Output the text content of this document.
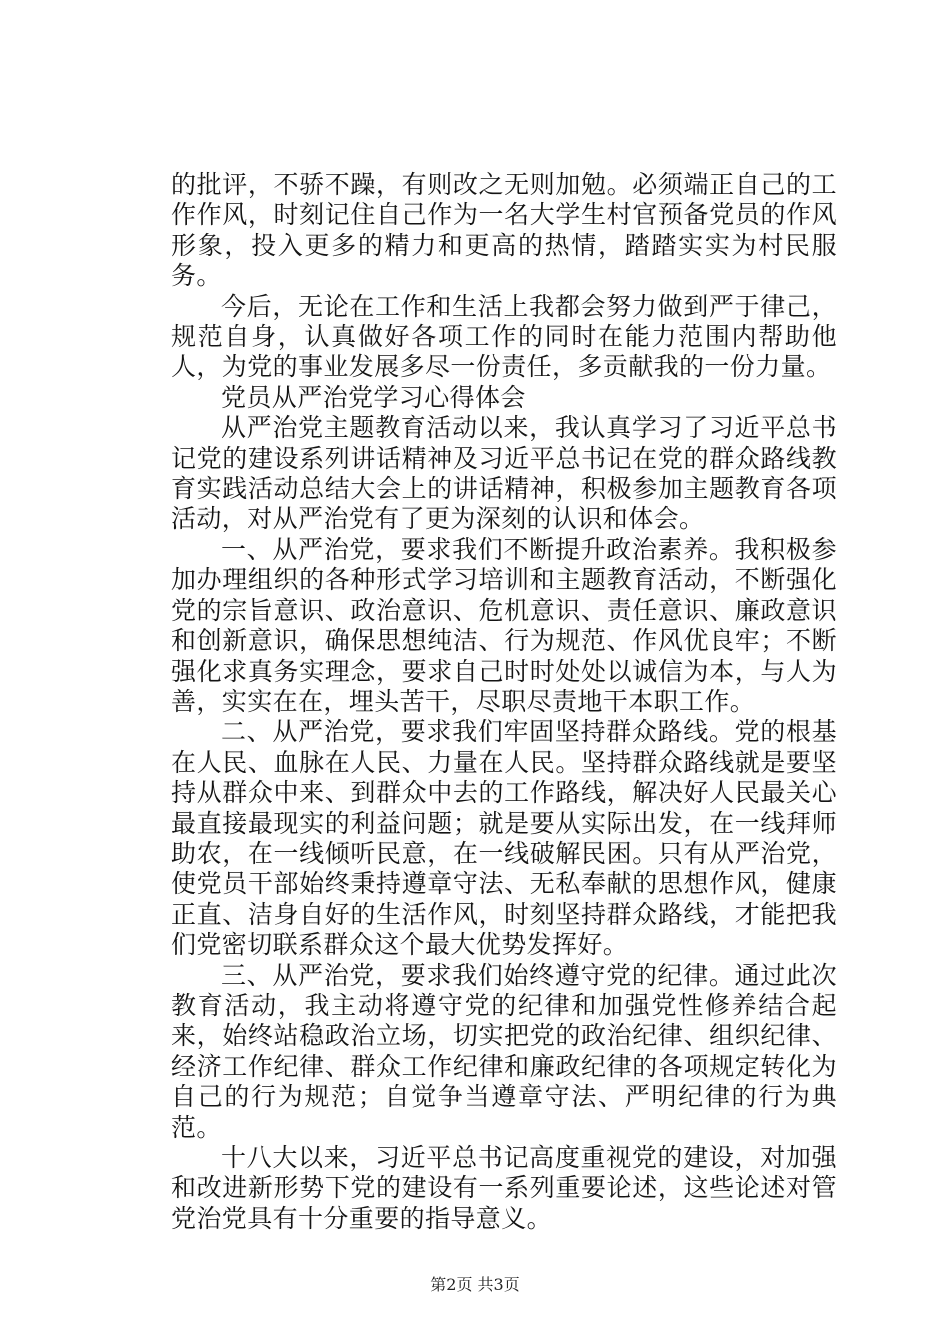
的批评，不骄不躁，有则改之无则加勉。必须端正自己的工作作风，时刻记住自己作为一名大学生村官预备党员的作风形象，投入更多的精力和更高的热情，踏踏实实为村民服务。

今后，无论在工作和生活上我都会努力做到严于律己，规范自身，认真做好各项工作的同时在能力范围内帮助他人，为党的事业发展多尽一份责任，多贡献我的一份力量。

党员从严治党学习心得体会

从严治党主题教育活动以来，我认真学习了习近平总书记党的建设系列讲话精神及习近平总书记在党的群众路线教育实践活动总结大会上的讲话精神，积极参加主题教育各项活动，对从严治党有了更为深刻的认识和体会。

一、从严治党，要求我们不断提升政治素养。我积极参加办理组织的各种形式学习培训和主题教育活动，不断强化党的宗旨意识、政治意识、危机意识、责任意识、廉政意识和创新意识，确保思想纯洁、行为规范、作风优良牢；不断强化求真务实理念，要求自己时时处处以诚信为本，与人为善，实实在在，埋头苦干，尽职尽责地干本职工作。

二、从严治党，要求我们牢固坚持群众路线。党的根基在人民、血脉在人民、力量在人民。坚持群众路线就是要坚持从群众中来、到群众中去的工作路线，解决好人民最关心最直接最现实的利益问题；就是要从实际出发，在一线拜师助农，在一线倾听民意，在一线破解民困。只有从严治党，使党员干部始终秉持遵章守法、无私奉献的思想作风，健康正直、洁身自好的生活作风，时刻坚持群众路线，才能把我们党密切联系群众这个最大优势发挥好。

三、从严治党，要求我们始终遵守党的纪律。通过此次教育活动，我主动将遵守党的纪律和加强党性修养结合起来，始终站稳政治立场，切实把党的政治纪律、组织纪律、经济工作纪律、群众工作纪律和廉政纪律的各项规定转化为自己的行为规范；自觉争当遵章守法、严明纪律的行为典范。

十八大以来，习近平总书记高度重视党的建设，对加强和改进新形势下党的建设有一系列重要论述，这些论述对管党治党具有十分重要的指导意义。

第2页 共3页
